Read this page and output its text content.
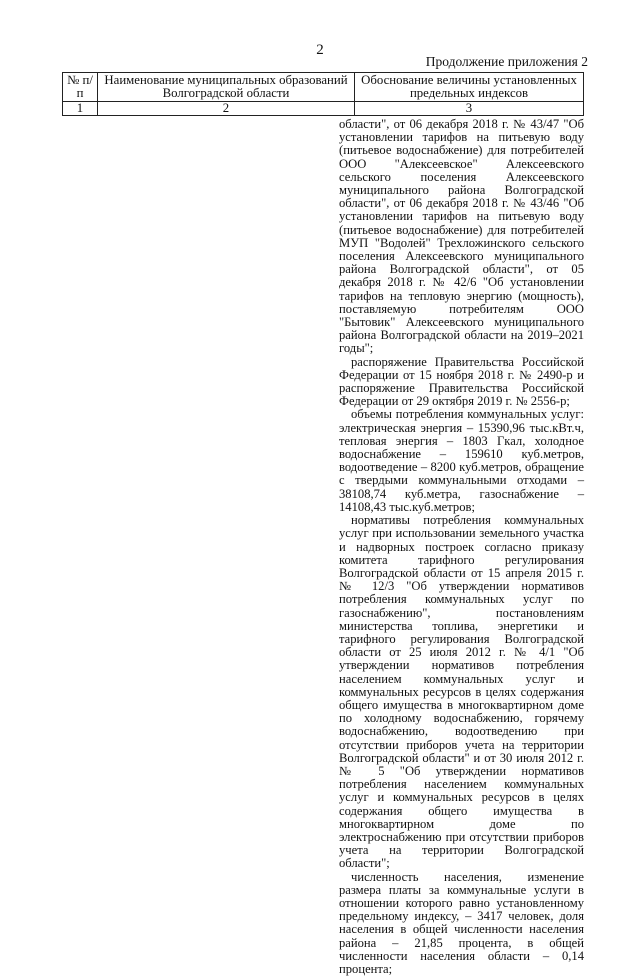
2
Продолжение приложения 2
№ п/п	Наименование муниципальных образований Волгоградской области	Обоснование величины установленных предельных индексов
1	2	3

области", от 06 декабря 2018 г. № 43/47 "Об установлении тарифов на питьевую воду (питьевое водоснабжение) для потребителей ООО "Алексеевское" Алексеевского сельского поселения Алексеевского муниципального района Волгоградской области", от 06 декабря 2018 г. № 43/46 "Об установлении тарифов на питьевую воду (питьевое водоснабжение) для потребителей МУП "Водолей" Трехложинского сельского поселения Алексеевского муниципального района Волгоградской области", от 05 декабря 2018 г. № 42/6 "Об установлении тарифов на тепловую энергию (мощность), поставляемую потребителям ООО "Бытовик" Алексеевского муниципального района Волгоградской области на 2019–2021 годы";

распоряжение Правительства Российской Федерации от 15 ноября 2018 г. № 2490-р и распоряжение Правительства Российской Федерации от 29 октября 2019 г. № 2556-р;

объемы потребления коммунальных услуг: электрическая энергия – 15390,96 тыс.кВт.ч, тепловая энергия – 1803 Гкал, холодное водоснабжение – 159610 куб.метров, водоотведение – 8200 куб.метров, обращение с твердыми коммунальными отходами – 38108,74 куб.метра, газоснабжение – 14108,43 тыс.куб.метров;

нормативы потребления коммунальных услуг при использовании земельного участка и надворных построек согласно приказу комитета тарифного регулирования Волгоградской области от 15 апреля 2015 г. № 12/3 "Об утверждении нормативов потребления коммунальных услуг по газоснабжению", постановлениям министерства топлива, энергетики и тарифного регулирования Волгоградской области от 25 июля 2012 г. № 4/1 "Об утверждении нормативов потребления населением коммунальных услуг и коммунальных ресурсов в целях содержания общего имущества в многоквартирном доме по холодному водоснабжению, горячему водоснабжению, водоотведению при отсутствии приборов учета на территории Волгоградской области" и от 30 июля 2012 г. № 5 "Об утверждении нормативов потребления населением коммунальных услуг и коммунальных ресурсов в целях содержания общего имущества в многоквартирном доме по электроснабжению при отсутствии приборов учета на территории Волгоградской области";

численность населения, изменение размера платы за коммунальные услуги в отношении которого равно установленному предельному индексу, – 3417 человек, доля населения в общей численности населения района – 21,85 процента, в общей численности населения области – 0,14 процента;
